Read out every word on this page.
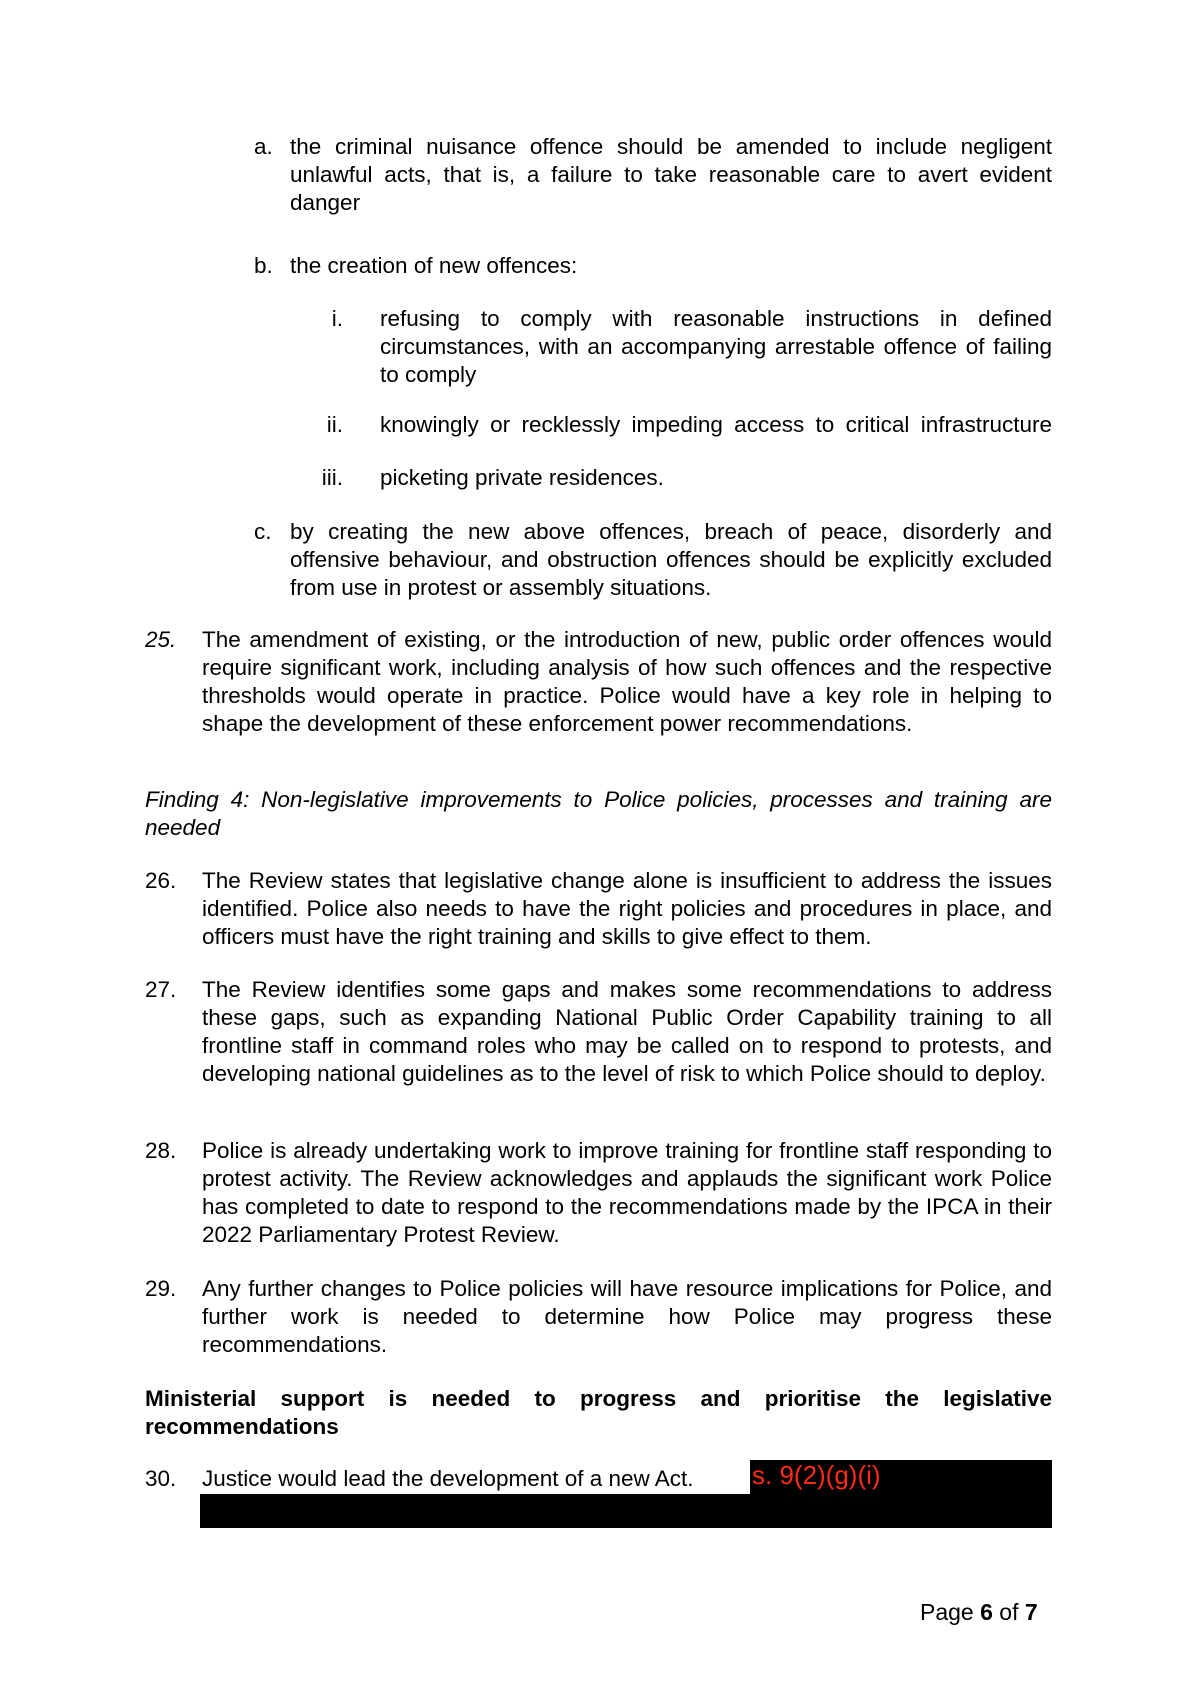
a. the criminal nuisance offence should be amended to include negligent unlawful acts, that is, a failure to take reasonable care to avert evident danger

b. the creation of new offences:

i. refusing to comply with reasonable instructions in defined circumstances, with an accompanying arrestable offence of failing to comply

ii. knowingly or recklessly impeding access to critical infrastructure

iii. picketing private residences.

c. by creating the new above offences, breach of peace, disorderly and offensive behaviour, and obstruction offences should be explicitly excluded from use in protest or assembly situations.

25. The amendment of existing, or the introduction of new, public order offences would require significant work, including analysis of how such offences and the respective thresholds would operate in practice. Police would have a key role in helping to shape the development of these enforcement power recommendations.

Finding 4: Non-legislative improvements to Police policies, processes and training are needed

26. The Review states that legislative change alone is insufficient to address the issues identified. Police also needs to have the right policies and procedures in place, and officers must have the right training and skills to give effect to them.

27. The Review identifies some gaps and makes some recommendations to address these gaps, such as expanding National Public Order Capability training to all frontline staff in command roles who may be called on to respond to protests, and developing national guidelines as to the level of risk to which Police should to deploy.

28. Police is already undertaking work to improve training for frontline staff responding to protest activity. The Review acknowledges and applauds the significant work Police has completed to date to respond to the recommendations made by the IPCA in their 2022 Parliamentary Protest Review.

29. Any further changes to Police policies will have resource implications for Police, and further work is needed to determine how Police may progress these recommendations.

Ministerial support is needed to progress and prioritise the legislative recommendations

30. Justice would lead the development of a new Act. s. 9(2)(g)(i)
Page 6 of 7
